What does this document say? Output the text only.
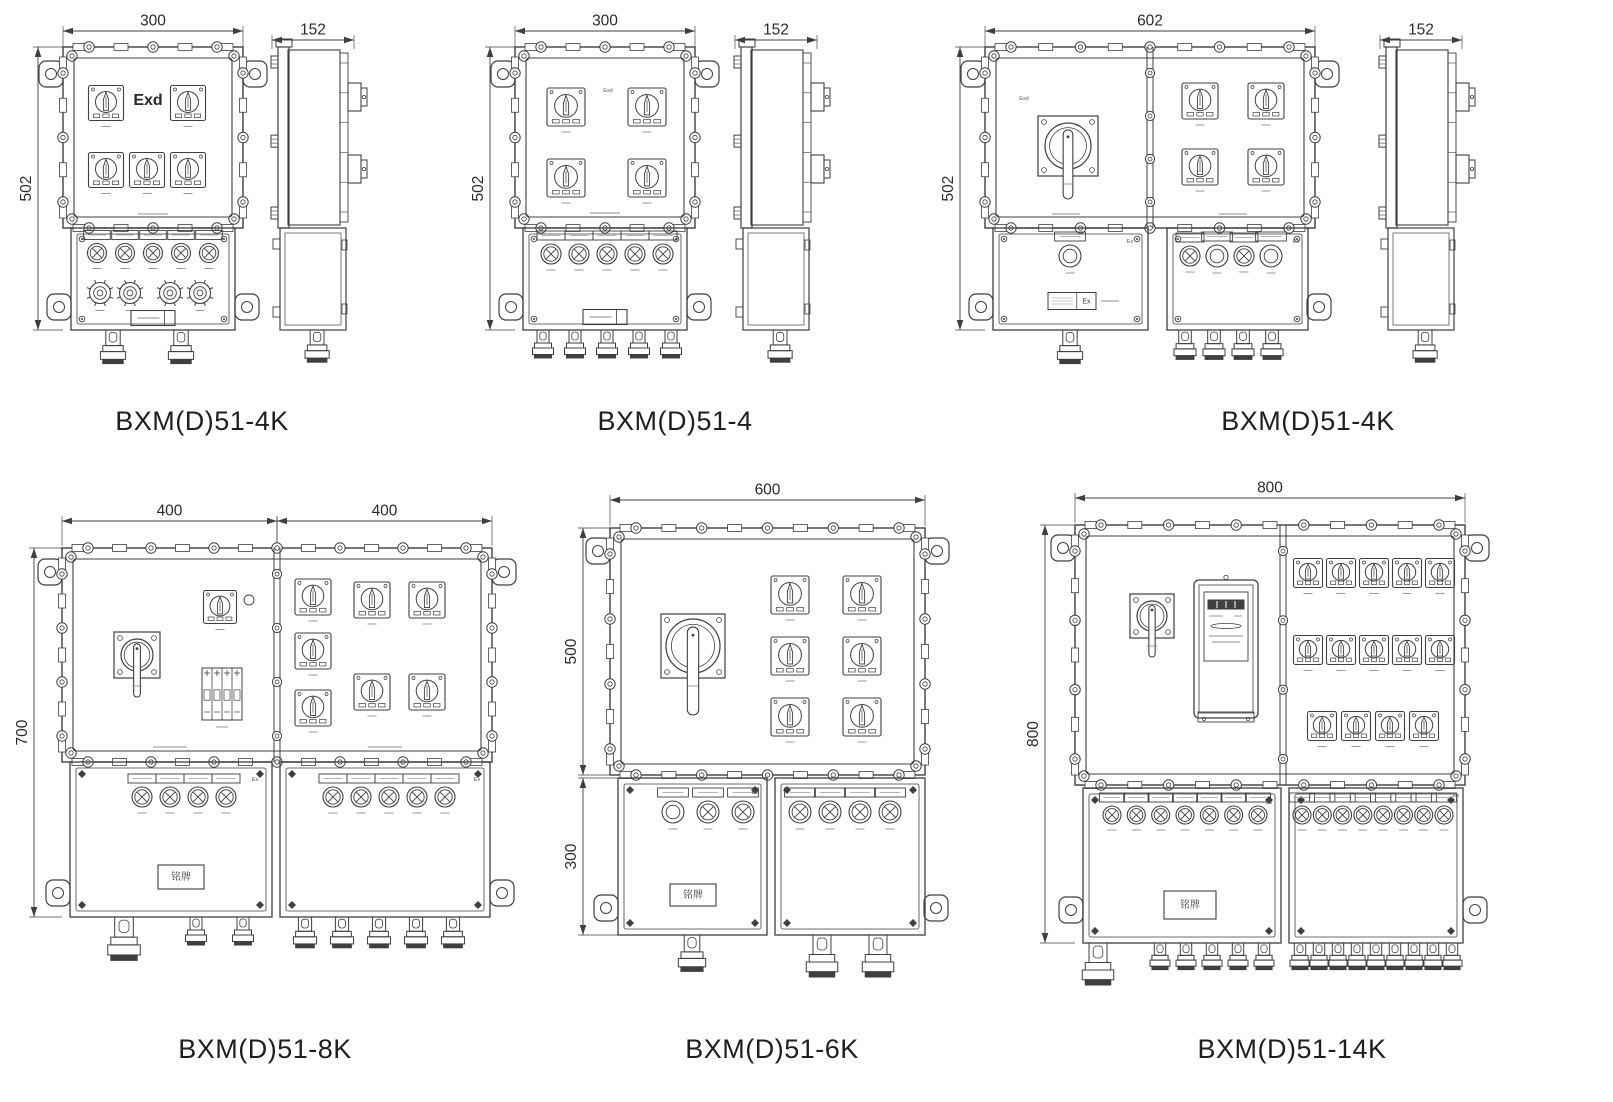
300
502
152
Exd
300
502
152
Exd
602
502
152
Exd
Ex
Ex	Ex
400	400
700
Ex
铭牌
Ex
600
500
300
Ex
铭牌
800
800
Ex
铭牌
Ex
BXM(D)51-4K	BXM(D)51-4	BXM(D)51-4K
BXM(D)51-8K	BXM(D)51-6K	BXM(D)51-14K
